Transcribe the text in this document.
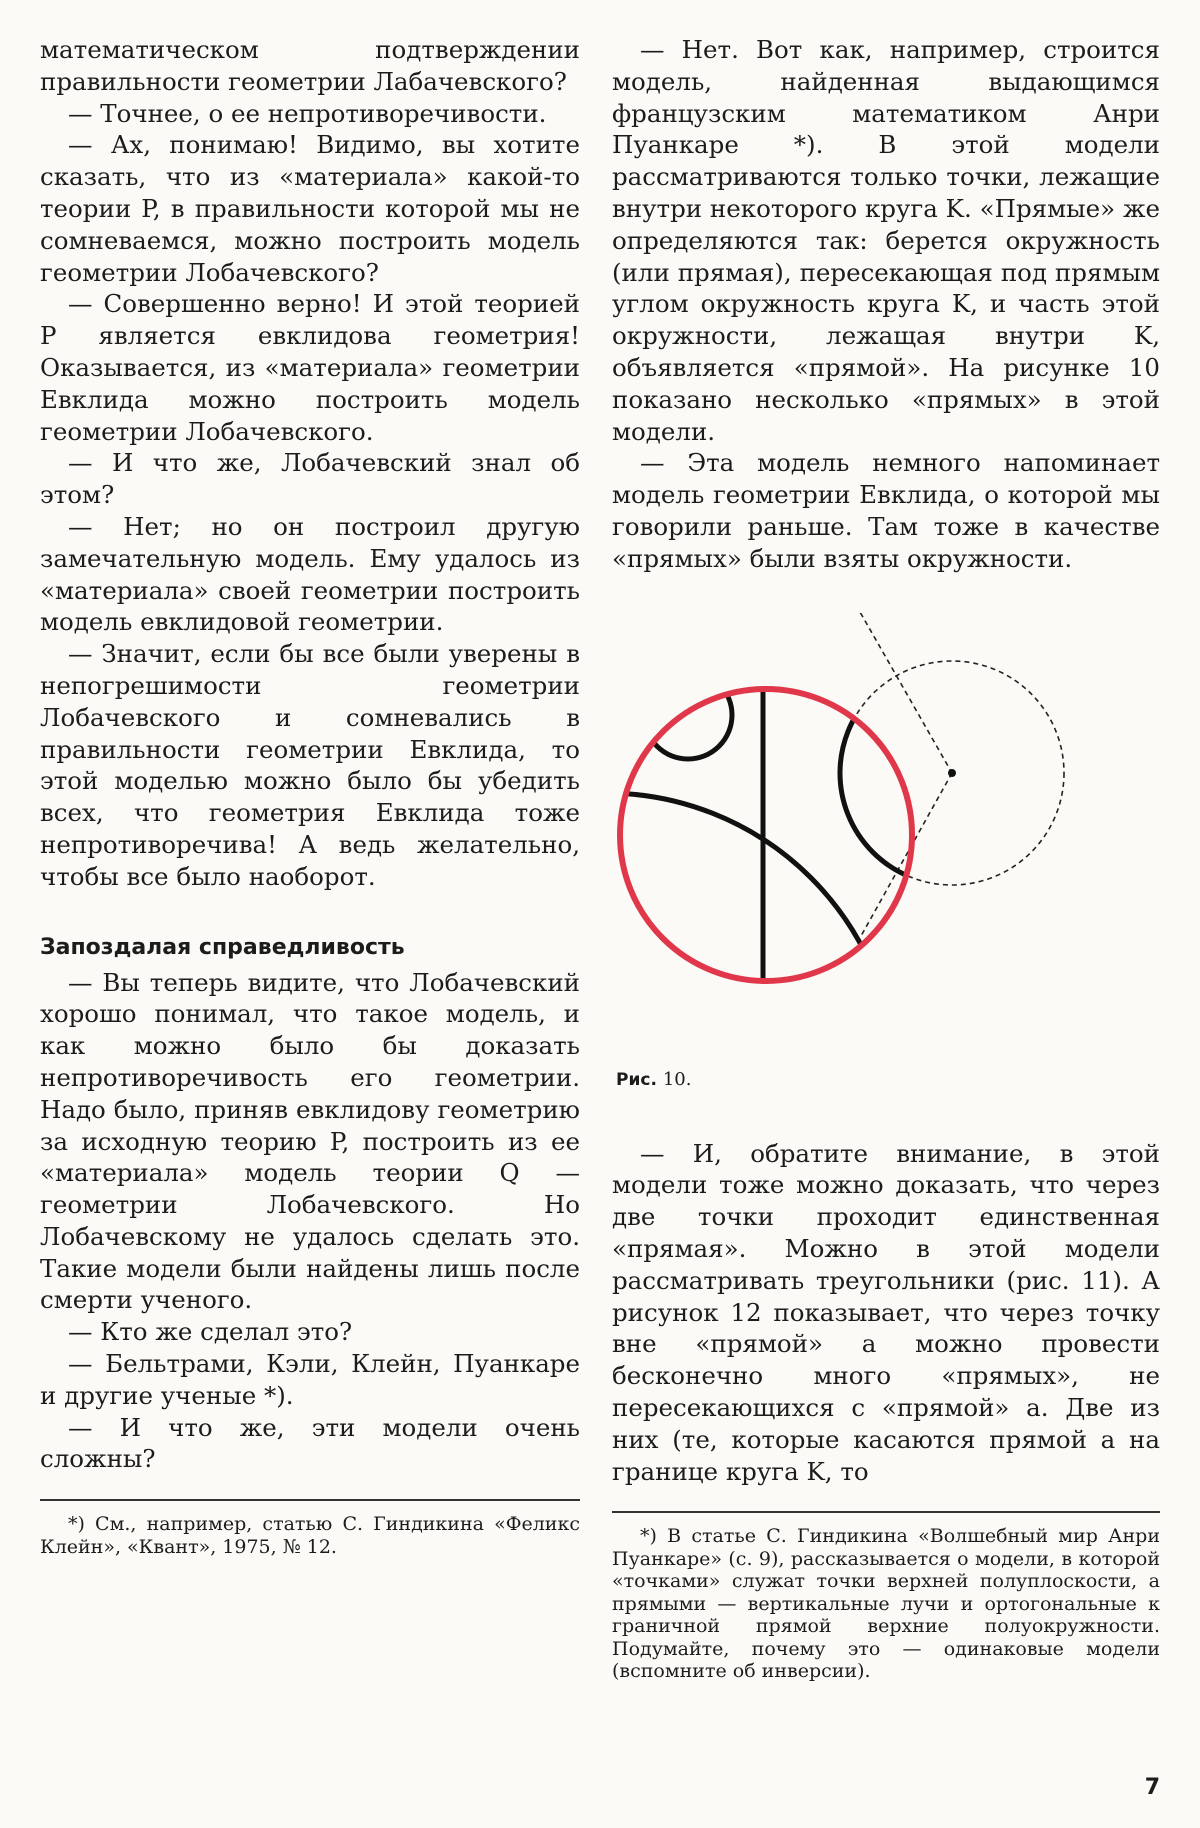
математическом подтверждении правильности геометрии Лабачевского?

— Точнее, о ее непротиворечивости.

— Ах, понимаю! Видимо, вы хотите сказать, что из «материала» какой-то теории P, в правильности которой мы не сомневаемся, можно построить модель геометрии Лобачевского?

— Совершенно верно! И этой теорией P является евклидова геометрия! Оказывается, из «материала» геометрии Евклида можно построить модель геометрии Лобачевского.

— И что же, Лобачевский знал об этом?

— Нет; но он построил другую замечательную модель. Ему удалось из «материала» своей геометрии построить модель евклидовой геометрии.

— Значит, если бы все были уверены в непогрешимости геометрии Лобачевского и сомневались в правильности геометрии Евклида, то этой моделью можно было бы убедить всех, что геометрия Евклида тоже непротиворечива! А ведь желательно, чтобы все было наоборот.

Запоздалая справедливость

— Вы теперь видите, что Лобачевский хорошо понимал, что такое модель, и как можно было бы доказать непротиворечивость его геометрии. Надо было, приняв евклидову геометрию за исходную теорию P, построить из ее «материала» модель теории Q — геометрии Лобачевского. Но Лобачевскому не удалось сделать это. Такие модели были найдены лишь после смерти ученого.

— Кто же сделал это?

— Бельтрами, Кэли, Клейн, Пуанкаре и другие ученые *).

— И что же, эти модели очень сложны?

*) См., например, статью С. Гиндикина «Феликс Клейн», «Квант», 1975, № 12.

— Нет. Вот как, например, строится модель, найденная выдающимся французским математиком Анри Пуанкаре *). В этой модели рассматриваются только точки, лежащие внутри некоторого круга K. «Прямые» же определяются так: берется окружность (или прямая), пересекающая под прямым углом окружность круга K, и часть этой окружности, лежащая внутри K, объявляется «прямой». На рисунке 10 показано несколько «прямых» в этой модели.

— Эта модель немного напоминает модель геометрии Евклида, о которой мы говорили раньше. Там тоже в качестве «прямых» были взяты окружности.

Рис. 10.

— И, обратите внимание, в этой модели тоже можно доказать, что через две точки проходит единственная «прямая». Можно в этой модели рассматривать треугольники (рис. 11). А рисунок 12 показывает, что через точку вне «прямой» a можно провести бесконечно много «прямых», не пересекающихся с «прямой» a. Две из них (те, которые касаются прямой a на границе круга K, то

*) В статье С. Гиндикина «Волшебный мир Анри Пуанкаре» (с. 9), рассказывается о модели, в которой «точками» служат точки верхней полуплоскости, а прямыми — вертикальные лучи и ортогональные к граничной прямой верхние полуокружности. Подумайте, почему это — одинаковые модели (вспомните об инверсии).

7
